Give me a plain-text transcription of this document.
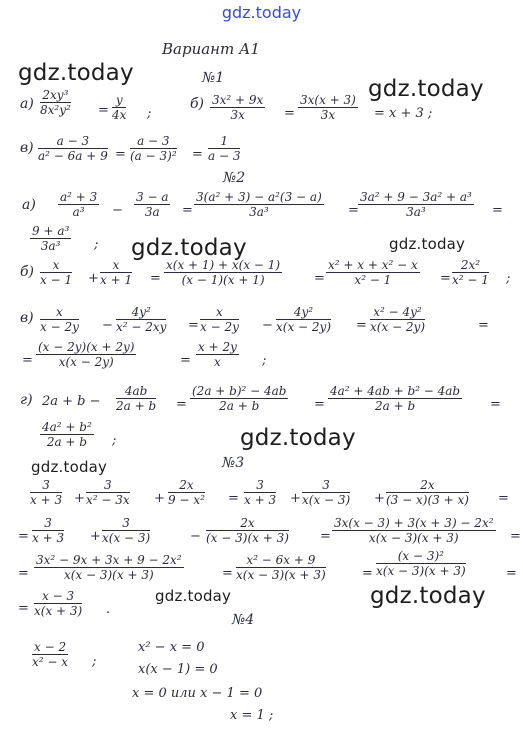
gdz.today
gdz.today
gdz.today
gdz.today	gdz.today
gdz.today
gdz.today
gdz.today	gdz.today
Вариант А1
№1
$а) \frac{\text{2xy³}}{\text{8x²y²}} = \frac{y}{4x}$ ;
$б) \frac{\text{3x² + 9x}}{3x} = \frac{3x(x + 3)}{3x} = x + 3$ ;
$в) \frac{a - 3}{\text{a² − 6a + 9}} = \frac{a - 3}{\text{(a − 3)²}} = \frac{1}{a - 3}$
№2
$а) \frac{\text{a² + 3}}{\text{a³}} - \frac{3 - a}{3a} = \frac{\text{3(a² + 3) − a²(3 − a)}}{\text{3a³}} = \frac{\text{3a² + 9 − 3a² + a³}}{\text{3a³}}$ =
$\frac{\text{9 + a³}}{\text{3a³}}$ ;
$б) \frac{x}{x - 1} + \frac{x}{x + 1} = \frac{x(x + 1) + x(x - 1)}{(x - 1)(x + 1)} = \frac{\text{x² + x + x² − x}}{\text{x² − 1}} = \frac{\text{2x²}}{\text{x² − 1}}$ ;
$в) \frac{x}{x - 2y} - \frac{\text{4y²}}{\text{x² − 2xy}} = \frac{x}{x - 2y} - \frac{\text{4y²}}{x(x - 2y)} = \frac{\text{x² − 4y²}}{x(x - 2y)}$	=
= $\frac{(x - 2y)(x + 2y)}{x(x - 2y)}$	= $\frac{x + 2y}{x}$ ;
г) $2a + b - \frac{4ab}{2a + b} = \frac{\text{(2a + b)² − 4ab}}{2a + b} = \frac{\text{4a² + 4ab + b² − 4ab}}{2a + b}$ =
$\frac{\text{4a² + b²}}{2a + b}$ ;
№3
$\frac{3}{x + 3} + \frac{3}{\text{x² − 3x}} + \frac{2x}{\text{9 − x²}} = \frac{3}{x + 3} + \frac{3}{x(x - 3)} + \frac{2x}{(3 - x)(3 + x)}$ =
= $\frac{3}{x + 3} + \frac{3}{x(x - 3)}$	− $\frac{2x}{(x - 3)(x + 3)} = \frac{\text{3x(x − 3) + 3(x + 3) − 2x²}}{x(x - 3)(x + 3)}$ =
= $\frac{\text{3x² − 9x + 3x + 9 − 2x²}}{x(x - 3)(x + 3)}$	= $\frac{\text{x² − 6x + 9}}{x(x - 3)(x + 3)}$	= $\frac{\text{(x − 3)²}}{x(x - 3)(x + 3)}$	=
= $\frac{x - 3}{x(x + 3)}$ .
№4
$\frac{x - 2}{\text{x² − x}}$ ;
x² − x = 0
x(x − 1) = 0
x = 0 или x − 1 = 0
x = 1 ;
